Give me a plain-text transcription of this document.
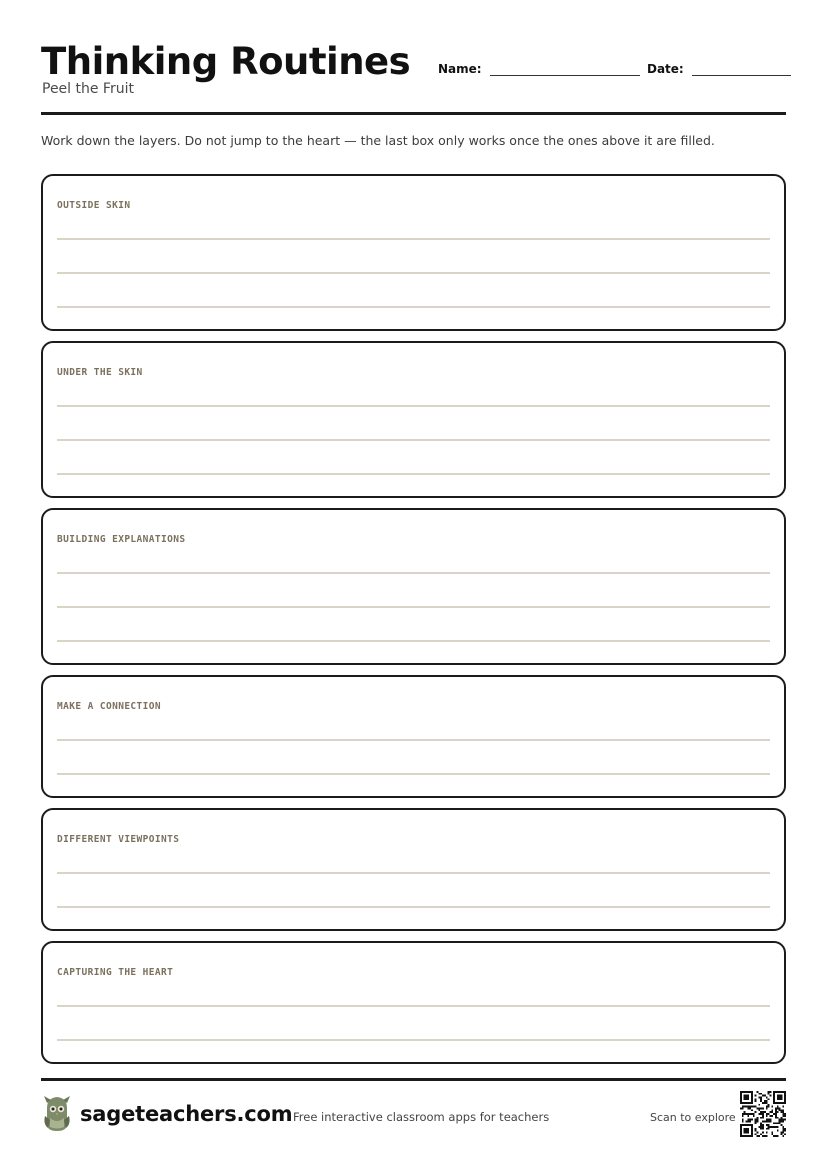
Thinking Routines
Peel the Fruit
Name:	Date:

Work down the layers. Do not jump to the heart — the last box only works once the ones above it are filled.

OUTSIDE SKIN
UNDER THE SKIN
BUILDING EXPLANATIONS
MAKE A CONNECTION
DIFFERENT VIEWPOINTS
CAPTURING THE HEART
sageteachers.com Free interactive classroom apps for teachers	Scan to explore
